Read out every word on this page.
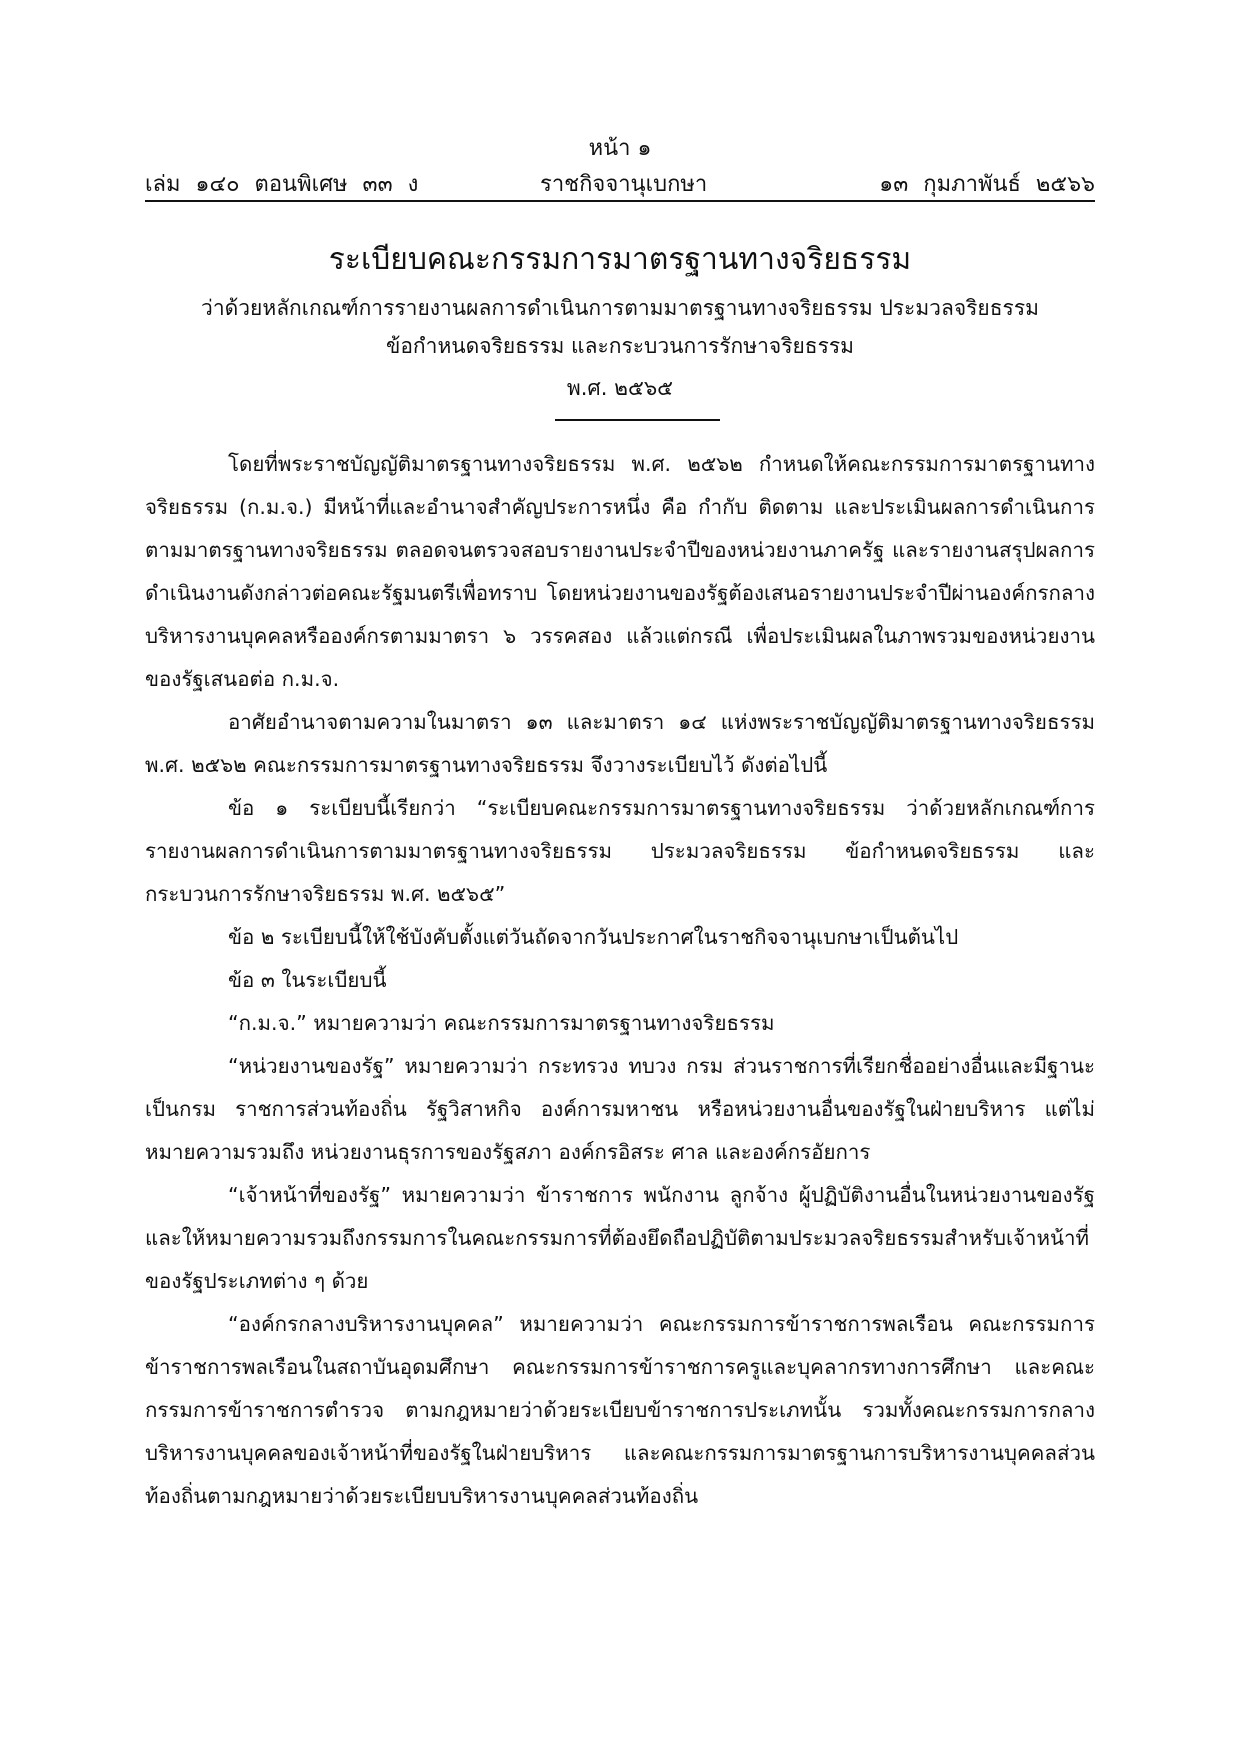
หน้า ๑
เล่ม ๑๔๐ ตอนพิเศษ ๓๓ ง	ราชกิจจานุเบกษา	๑๓ กุมภาพันธ์ ๒๕๖๖
ระเบียบคณะกรรมการมาตรฐานทางจริยธรรม
ว่าด้วยหลักเกณฑ์การรายงานผลการดำเนินการตามมาตรฐานทางจริยธรรม ประมวลจริยธรรม
ข้อกำหนดจริยธรรม และกระบวนการรักษาจริยธรรม
พ.ศ. ๒๕๖๕

โดยที่พระราชบัญญัติมาตรฐานทางจริยธรรม พ.ศ. ๒๕๖๒ กำหนดให้คณะกรรมการมาตรฐานทางจริยธรรม (ก.ม.จ.) มีหน้าที่และอำนาจสำคัญประการหนึ่ง คือ กำกับ ติดตาม และประเมินผลการดำเนินการตามมาตรฐานทางจริยธรรม ตลอดจนตรวจสอบรายงานประจำปีของหน่วยงานภาครัฐ และรายงานสรุปผลการดำเนินงานดังกล่าวต่อคณะรัฐมนตรีเพื่อทราบ โดยหน่วยงานของรัฐต้องเสนอรายงานประจำปีผ่านองค์กรกลางบริหารงานบุคคลหรือองค์กรตามมาตรา ๖ วรรคสอง แล้วแต่กรณี เพื่อประเมินผลในภาพรวมของหน่วยงานของรัฐเสนอต่อ ก.ม.จ.

อาศัยอำนาจตามความในมาตรา ๑๓ และมาตรา ๑๔ แห่งพระราชบัญญัติมาตรฐานทางจริยธรรม พ.ศ. ๒๕๖๒ คณะกรรมการมาตรฐานทางจริยธรรม จึงวางระเบียบไว้ ดังต่อไปนี้

ข้อ ๑ ระเบียบนี้เรียกว่า “ระเบียบคณะกรรมการมาตรฐานทางจริยธรรม ว่าด้วยหลักเกณฑ์การรายงานผลการดำเนินการตามมาตรฐานทางจริยธรรม ประมวลจริยธรรม ข้อกำหนดจริยธรรม และกระบวนการรักษาจริยธรรม พ.ศ. ๒๕๖๕”

ข้อ ๒ ระเบียบนี้ให้ใช้บังคับตั้งแต่วันถัดจากวันประกาศในราชกิจจานุเบกษาเป็นต้นไป

ข้อ ๓ ในระเบียบนี้

“ก.ม.จ.” หมายความว่า คณะกรรมการมาตรฐานทางจริยธรรม

“หน่วยงานของรัฐ” หมายความว่า กระทรวง ทบวง กรม ส่วนราชการที่เรียกชื่ออย่างอื่นและมีฐานะเป็นกรม ราชการส่วนท้องถิ่น รัฐวิสาหกิจ องค์การมหาชน หรือหน่วยงานอื่นของรัฐในฝ่ายบริหาร แต่ไม่หมายความรวมถึง หน่วยงานธุรการของรัฐสภา องค์กรอิสระ ศาล และองค์กรอัยการ

“เจ้าหน้าที่ของรัฐ” หมายความว่า ข้าราชการ พนักงาน ลูกจ้าง ผู้ปฏิบัติงานอื่นในหน่วยงานของรัฐ และให้หมายความรวมถึงกรรมการในคณะกรรมการที่ต้องยึดถือปฏิบัติตามประมวลจริยธรรมสำหรับเจ้าหน้าที่ของรัฐประเภทต่าง ๆ ด้วย

“องค์กรกลางบริหารงานบุคคล” หมายความว่า คณะกรรมการข้าราชการพลเรือน คณะกรรมการข้าราชการพลเรือนในสถาบันอุดมศึกษา คณะกรรมการข้าราชการครูและบุคลากรทางการศึกษา และคณะกรรมการข้าราชการตำรวจ ตามกฎหมายว่าด้วยระเบียบข้าราชการประเภทนั้น รวมทั้งคณะกรรมการกลางบริหารงานบุคคลของเจ้าหน้าที่ของรัฐในฝ่ายบริหาร และคณะกรรมการมาตรฐานการบริหารงานบุคคลส่วนท้องถิ่นตามกฎหมายว่าด้วยระเบียบบริหารงานบุคคลส่วนท้องถิ่น
